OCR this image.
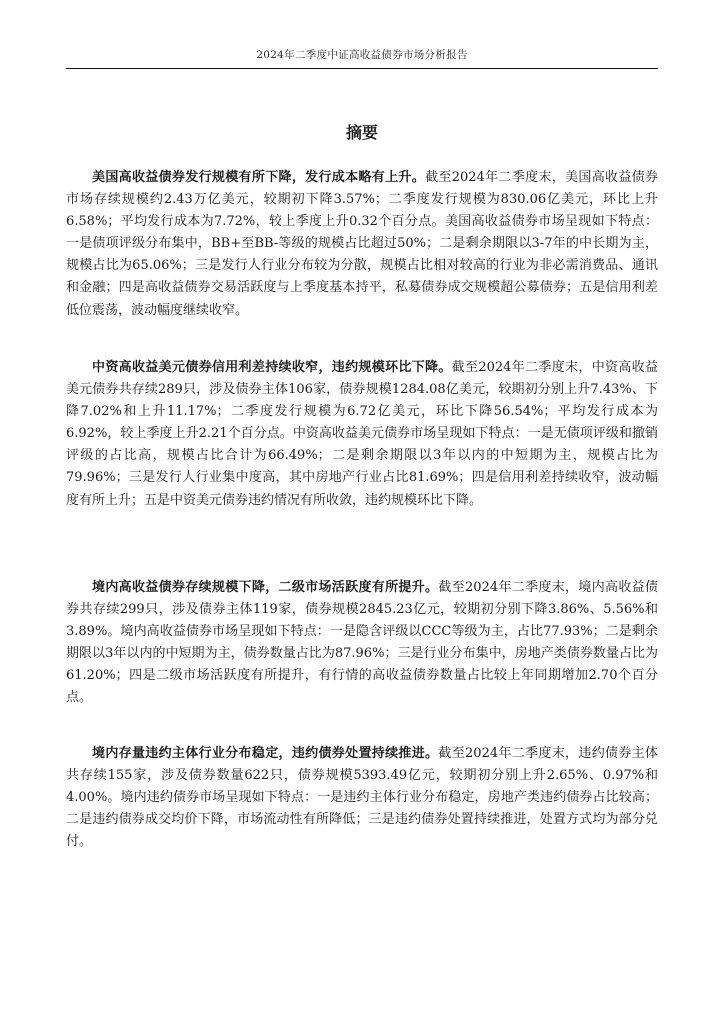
2024年二季度中证高收益债券市场分析报告
摘要

美国高收益债券发行规模有所下降，发行成本略有上升。截至2024年二季度末，美国高收益债券市场存续规模约2.43万亿美元，较期初下降3.57%；二季度发行规模为830.06亿美元，环比上升6.58%；平均发行成本为7.72%，较上季度上升0.32个百分点。美国高收益债券市场呈现如下特点：一是债项评级分布集中，BB+至BB-等级的规模占比超过50%；二是剩余期限以3-7年的中长期为主，规模占比为65.06%；三是发行人行业分布较为分散，规模占比相对较高的行业为非必需消费品、通讯和金融；四是高收益债券交易活跃度与上季度基本持平，私募债券成交规模超公募债券；五是信用利差低位震荡，波动幅度继续收窄。

中资高收益美元债券信用利差持续收窄，违约规模环比下降。截至2024年二季度末，中资高收益美元债券共存续289只，涉及债券主体106家，债券规模1284.08亿美元，较期初分别上升7.43%、下降7.02%和上升11.17%；二季度发行规模为6.72亿美元，环比下降56.54%；平均发行成本为6.92%，较上季度上升2.21个百分点。中资高收益美元债券市场呈现如下特点：一是无债项评级和撤销评级的占比高，规模占比合计为66.49%；二是剩余期限以3年以内的中短期为主，规模占比为79.96%；三是发行人行业集中度高，其中房地产行业占比81.69%；四是信用利差持续收窄，波动幅度有所上升；五是中资美元债券违约情况有所收敛，违约规模环比下降。

境内高收益债券存续规模下降，二级市场活跃度有所提升。截至2024年二季度末，境内高收益债券共存续299只，涉及债券主体119家，债券规模2845.23亿元，较期初分别下降3.86%、5.56%和3.89%。境内高收益债券市场呈现如下特点：一是隐含评级以CCC等级为主，占比77.93%；二是剩余期限以3年以内的中短期为主，债券数量占比为87.96%；三是行业分布集中，房地产类债券数量占比为61.20%；四是二级市场活跃度有所提升，有行情的高收益债券数量占比较上年同期增加2.70个百分点。

境内存量违约主体行业分布稳定，违约债券处置持续推进。截至2024年二季度末，违约债券主体共存续155家，涉及债券数量622只，债券规模5393.49亿元，较期初分别上升2.65%、0.97%和4.00%。境内违约债券市场呈现如下特点：一是违约主体行业分布稳定，房地产类违约债券占比较高；二是违约债券成交均价下降，市场流动性有所降低；三是违约债券处置持续推进，处置方式均为部分兑付。
